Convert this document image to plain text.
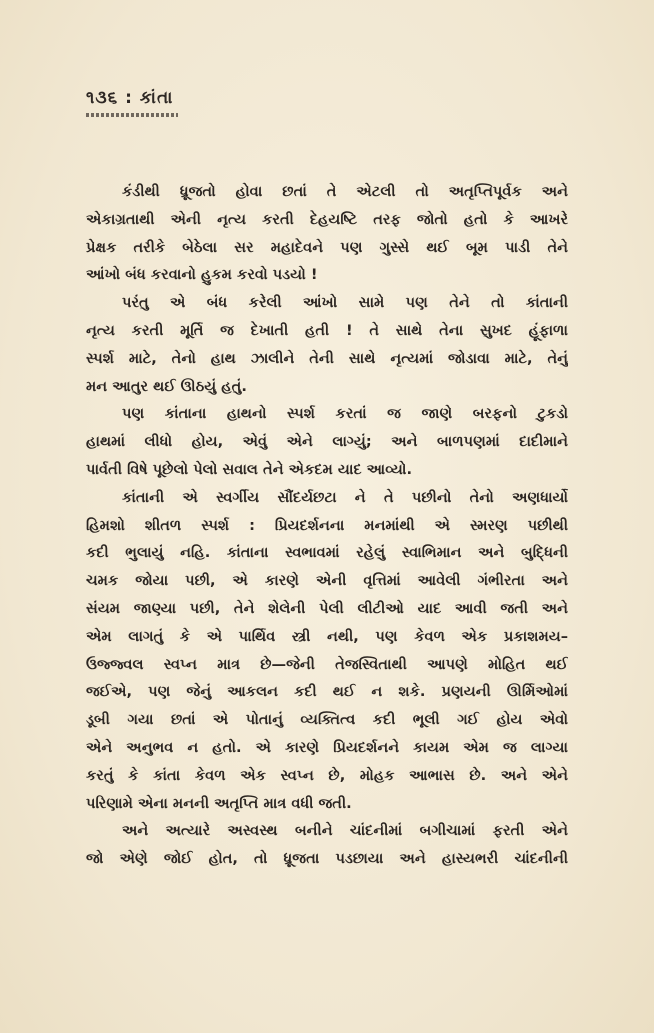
૧૩૬ : કાંતા
કંડીથી ધ્રૂજતો હોવા છતાં તે એટલી તો અતૃપ્તિપૂર્વક અને
એકાગ્રતાથી એની નૃત્ય કરતી દેહયષ્ટિ તરફ જોતો હતો કે આખરે
પ્રેક્ષક તરીકે બેઠેલા સર મહાદેવને પણ ગુસ્સે થઈ બૂમ પાડી તેને
આંખો બંધ કરવાનો હુકમ કરવો પડયો !
પરંતુ એ બંધ કરેલી આંખો સામે પણ તેને તો કાંતાની
નૃત્ય કરતી મૂર્તિ જ દેખાતી હતી ! તે સાથે તેના સુખદ હૂંફાળા
સ્પર્શ માટે, તેનો હાથ ઝાલીને તેની સાથે નૃત્યમાં જોડાવા માટે, તેનું
મન આતુર થઈ ઊઠયું હતું.
પણ કાંતાના હાથનો સ્પર્શ કરતાં જ જાણે બરફનો ટુકડો
હાથમાં લીધો હોય, એવું એને લાગ્યું; અને બાળપણમાં દાદીમાને
પાર્વતી વિષે પૂછેલો પેલો સવાલ તેને એકદમ યાદ આવ્યો.
કાંતાની એ સ્વર્ગીય સૌંદર્યછટા ને તે પછીનો તેનો અણધાર્યો
હિમશો શીતળ સ્પર્શ : પ્રિયદર્શનના મનમાંથી એ સ્મરણ પછીથી
કદી ભુલાયું નહિ. કાંતાના સ્વભાવમાં રહેલું સ્વાભિમાન અને બુદ્ધિની
ચમક જોયા પછી, એ કારણે એની વૃત્તિમાં આવેલી ગંભીરતા અને
સંયમ જાણ્યા પછી, તેને શેલેની પેલી લીટીઓ યાદ આવી જતી અને
એમ લાગતું કે એ પાર્થિવ સ્ત્રી નથી, પણ કેવળ એક પ્રકાશમય–
ઉજ્જ્વલ સ્વપ્ન માત્ર છે—જેની તેજસ્વિતાથી આપણે મોહિત થઈ
જઈએ, પણ જેનું આકલન કદી થઈ ન શકે. પ્રણયની ઊર્મિઓમાં
ડૂબી ગયા છતાં એ પોતાનું વ્યક્તિત્વ કદી ભૂલી ગઈ હોય એવો
એને અનુભવ ન હતો. એ કારણે પ્રિયદર્શનને કાયમ એમ જ લાગ્યા
કરતું કે કાંતા કેવળ એક સ્વપ્ન છે, મોહક આભાસ છે. અને એને
પરિણામે એના મનની અતૃપ્તિ માત્ર વધી જતી.
અને અત્યારે અસ્વસ્થ બનીને ચાંદનીમાં બગીચામાં ફરતી એને
જો એણે જોઈ હોત, તો ધ્રૂજતા પડછાયા અને હાસ્યભરી ચાંદનીની
